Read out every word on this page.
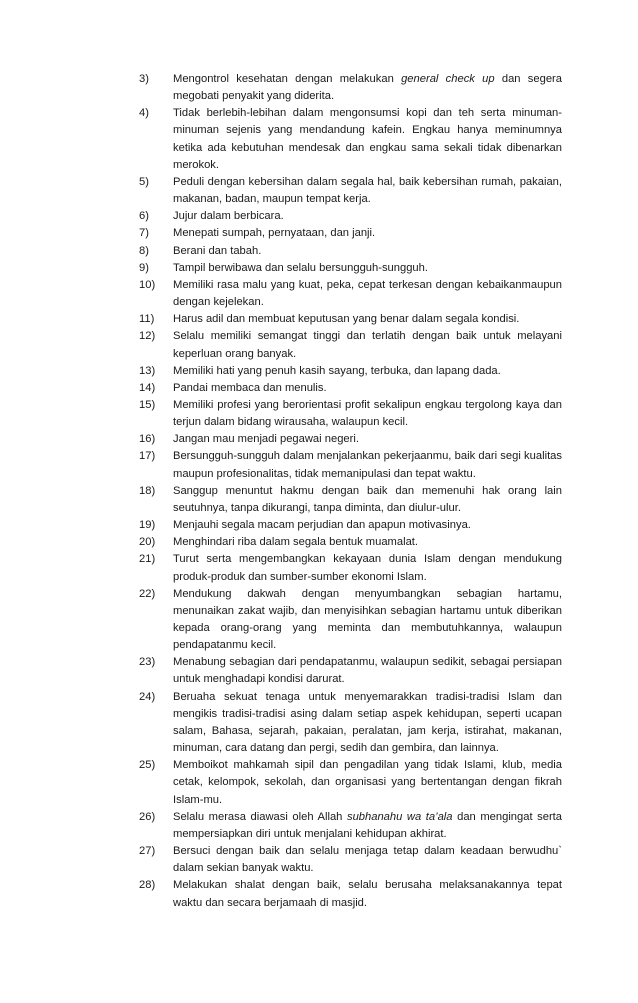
3)	Mengontrol kesehatan dengan melakukan general check up dan segera megobati penyakit yang diderita.
4)	Tidak berlebih-lebihan dalam mengonsumsi kopi dan teh serta minuman-minuman sejenis yang mendandung kafein. Engkau hanya meminumnya ketika ada kebutuhan mendesak dan engkau sama sekali tidak dibenarkan merokok.
5)	Peduli dengan kebersihan dalam segala hal, baik kebersihan rumah, pakaian, makanan, badan, maupun tempat kerja.
6)	Jujur dalam berbicara.
7)	Menepati sumpah, pernyataan, dan janji.
8)	Berani dan tabah.
9)	Tampil berwibawa dan selalu bersungguh-sungguh.
10)	Memiliki rasa malu yang kuat, peka, cepat terkesan dengan kebaikanmaupun dengan kejelekan.
11)	Harus adil dan membuat keputusan yang benar dalam segala kondisi.
12)	Selalu memiliki semangat tinggi dan terlatih dengan baik untuk melayani keperluan orang banyak.
13)	Memiliki hati yang penuh kasih sayang, terbuka, dan lapang dada.
14)	Pandai membaca dan menulis.
15)	Memiliki profesi yang berorientasi profit sekalipun engkau tergolong kaya dan terjun dalam bidang wirausaha, walaupun kecil.
16)	Jangan mau menjadi pegawai negeri.
17)	Bersungguh-sungguh dalam menjalankan pekerjaanmu, baik dari segi kualitas maupun profesionalitas, tidak memanipulasi dan tepat waktu.
18)	Sanggup menuntut hakmu dengan baik dan memenuhi hak orang lain seutuhnya, tanpa dikurangi, tanpa diminta, dan diulur-ulur.
19)	Menjauhi segala macam perjudian dan apapun motivasinya.
20)	Menghindari riba dalam segala bentuk muamalat.
21)	Turut serta mengembangkan kekayaan dunia Islam dengan mendukung produk-produk dan sumber-sumber ekonomi Islam.
22)	Mendukung dakwah dengan menyumbangkan sebagian hartamu, menunaikan zakat wajib, dan menyisihkan sebagian hartamu untuk diberikan kepada orang-orang yang meminta dan membutuhkannya, walaupun pendapatanmu kecil.
23)	Menabung sebagian dari pendapatanmu, walaupun sedikit, sebagai persiapan untuk menghadapi kondisi darurat.
24)	Beruaha sekuat tenaga untuk menyemarakkan tradisi-tradisi Islam dan mengikis tradisi-tradisi asing dalam setiap aspek kehidupan, seperti ucapan salam, Bahasa, sejarah, pakaian, peralatan, jam kerja, istirahat, makanan, minuman, cara datang dan pergi, sedih dan gembira, dan lainnya.
25)	Memboikot mahkamah sipil dan pengadilan yang tidak Islami, klub, media cetak, kelompok, sekolah, dan organisasi yang bertentangan dengan fikrah Islam-mu.
26)	Selalu merasa diawasi oleh Allah subhanahu wa ta’ala dan mengingat serta mempersiapkan diri untuk menjalani kehidupan akhirat.
27)	Bersuci dengan baik dan selalu menjaga tetap dalam keadaan berwudhu` dalam sekian banyak waktu.
28)	Melakukan shalat dengan baik, selalu berusaha melaksanakannya tepat waktu dan secara berjamaah di masjid.
